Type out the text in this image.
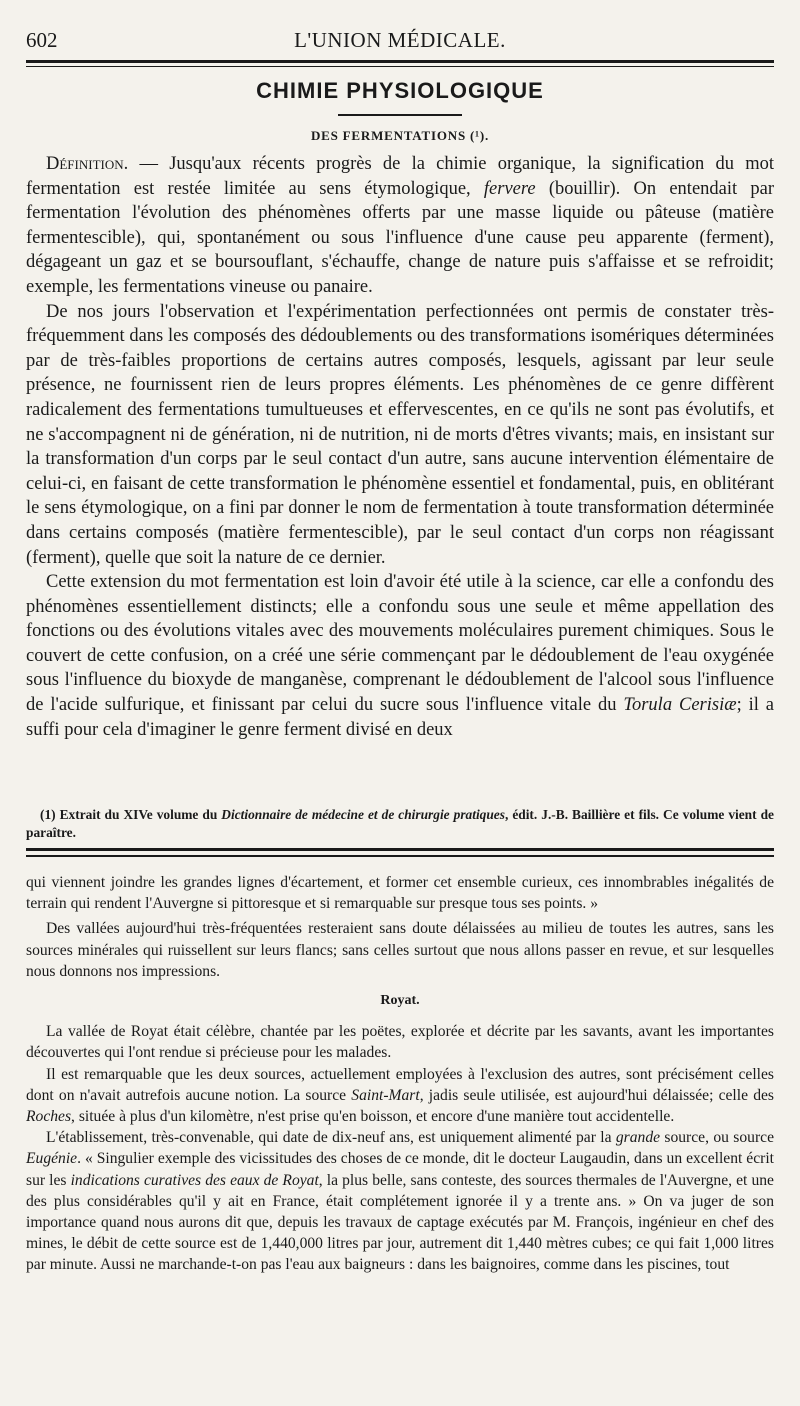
602	L'UNION MÉDICALE.
CHIMIE PHYSIOLOGIQUE
DES FERMENTATIONS (¹).

Définition. — Jusqu'aux récents progrès de la chimie organique, la signification du mot fermentation est restée limitée au sens étymologique, fervere (bouillir). On entendait par fermentation l'évolution des phénomènes offerts par une masse liquide ou pâteuse (matière fermentescible), qui, spontanément ou sous l'influence d'une cause peu apparente (ferment), dégageant un gaz et se boursouflant, s'échauffe, change de nature puis s'affaisse et se refroidit; exemple, les fermentations vineuse ou panaire.

De nos jours l'observation et l'expérimentation perfectionnées ont permis de constater très-fréquemment dans les composés des dédoublements ou des transformations isomériques déterminées par de très-faibles proportions de certains autres composés, lesquels, agissant par leur seule présence, ne fournissent rien de leurs propres éléments. Les phénomènes de ce genre diffèrent radicalement des fermentations tumultueuses et effervescentes, en ce qu'ils ne sont pas évolutifs, et ne s'accompagnent ni de génération, ni de nutrition, ni de morts d'êtres vivants; mais, en insistant sur la transformation d'un corps par le seul contact d'un autre, sans aucune intervention élémentaire de celui-ci, en faisant de cette transformation le phénomène essentiel et fondamental, puis, en oblitérant le sens étymologique, on a fini par donner le nom de fermentation à toute transformation déterminée dans certains composés (matière fermentescible), par le seul contact d'un corps non réagissant (ferment), quelle que soit la nature de ce dernier.

Cette extension du mot fermentation est loin d'avoir été utile à la science, car elle a confondu des phénomènes essentiellement distincts; elle a confondu sous une seule et même appellation des fonctions ou des évolutions vitales avec des mouvements moléculaires purement chimiques. Sous le couvert de cette confusion, on a créé une série commençant par le dédoublement de l'eau oxygénée sous l'influence du bioxyde de manganèse, comprenant le dédoublement de l'alcool sous l'influence de l'acide sulfurique, et finissant par celui du sucre sous l'influence vitale du Torula Cerisiæ; il a suffi pour cela d'imaginer le genre ferment divisé en deux

(1) Extrait du XIVe volume du Dictionnaire de médecine et de chirurgie pratiques, édit. J.-B. Baillière et fils. Ce volume vient de paraître.

qui viennent joindre les grandes lignes d'écartement, et former cet ensemble curieux, ces innombrables inégalités de terrain qui rendent l'Auvergne si pittoresque et si remarquable sur presque tous ses points. »

Des vallées aujourd'hui très-fréquentées resteraient sans doute délaissées au milieu de toutes les autres, sans les sources minérales qui ruissellent sur leurs flancs; sans celles surtout que nous allons passer en revue, et sur lesquelles nous donnons nos impressions.

Royat.

La vallée de Royat était célèbre, chantée par les poëtes, explorée et décrite par les savants, avant les importantes découvertes qui l'ont rendue si précieuse pour les malades.

Il est remarquable que les deux sources, actuellement employées à l'exclusion des autres, sont précisément celles dont on n'avait autrefois aucune notion. La source Saint-Mart, jadis seule utilisée, est aujourd'hui délaissée; celle des Roches, située à plus d'un kilomètre, n'est prise qu'en boisson, et encore d'une manière tout accidentelle.

L'établissement, très-convenable, qui date de dix-neuf ans, est uniquement alimenté par la grande source, ou source Eugénie. « Singulier exemple des vicissitudes des choses de ce monde, dit le docteur Laugaudin, dans un excellent écrit sur les indications curatives des eaux de Royat, la plus belle, sans conteste, des sources thermales de l'Auvergne, et une des plus considérables qu'il y ait en France, était complétement ignorée il y a trente ans. » On va juger de son importance quand nous aurons dit que, depuis les travaux de captage exécutés par M. François, ingénieur en chef des mines, le débit de cette source est de 1,440,000 litres par jour, autrement dit 1,440 mètres cubes; ce qui fait 1,000 litres par minute. Aussi ne marchande-t-on pas l'eau aux baigneurs : dans les baignoires, comme dans les piscines, tout
